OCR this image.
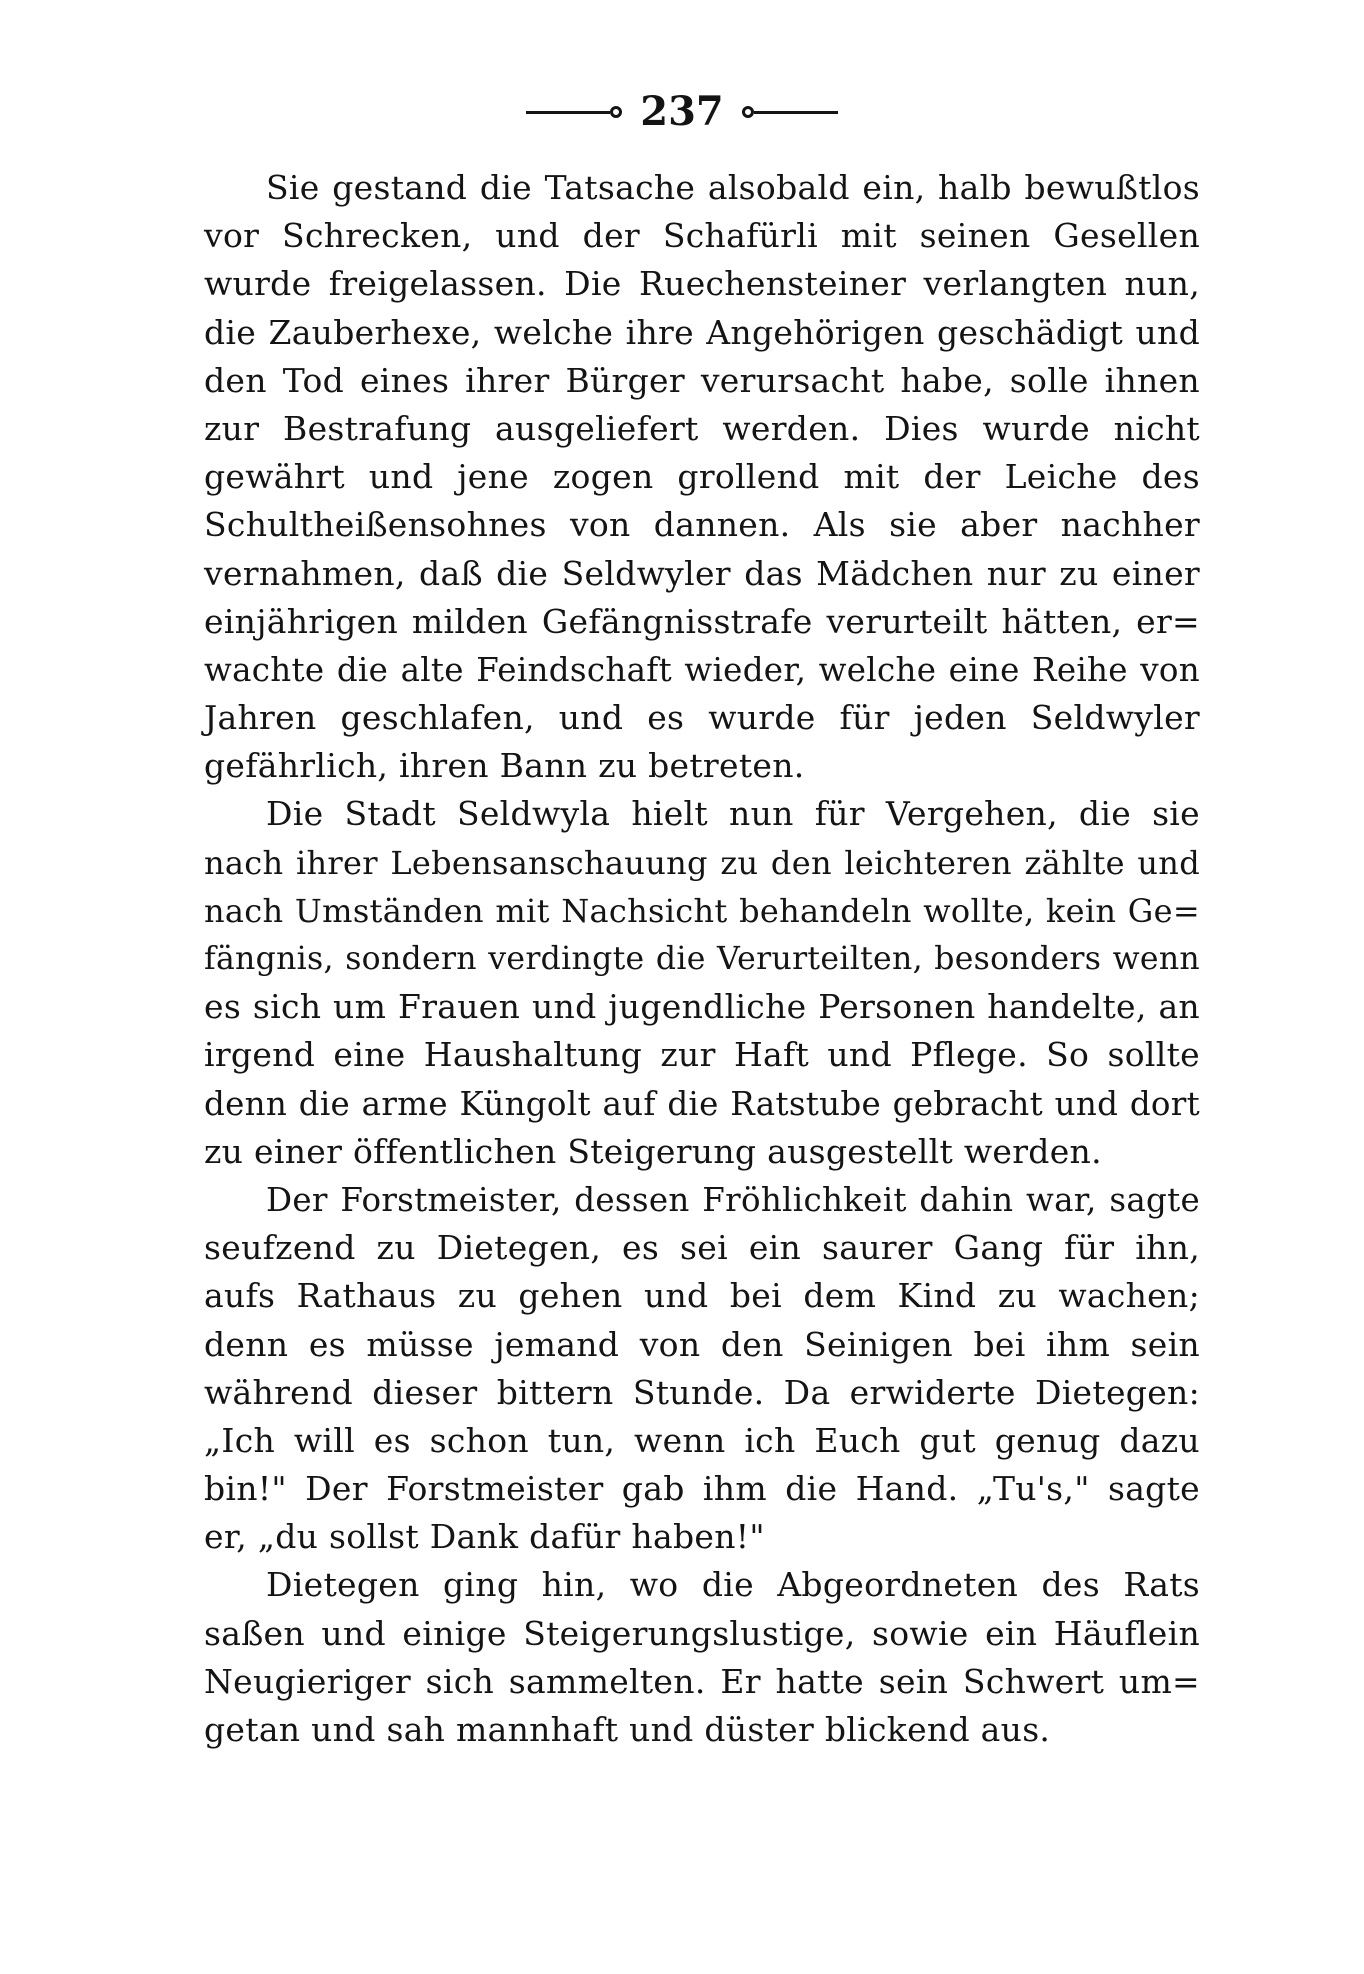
237
Sie gestand die Tatsache alsobald ein, halb bewußtlos
vor Schrecken, und der Schafürli mit seinen Gesellen
wurde freigelassen. Die Ruechensteiner verlangten nun,
die Zauberhexe, welche ihre Angehörigen geschädigt und
den Tod eines ihrer Bürger verursacht habe, solle ihnen
zur Bestrafung ausgeliefert werden. Dies wurde nicht
gewährt und jene zogen grollend mit der Leiche des
Schultheißensohnes von dannen. Als sie aber nachher
vernahmen, daß die Seldwyler das Mädchen nur zu einer
einjährigen milden Gefängnisstrafe verurteilt hätten, er=
wachte die alte Feindschaft wieder, welche eine Reihe von
Jahren geschlafen, und es wurde für jeden Seldwyler
gefährlich, ihren Bann zu betreten.
Die Stadt Seldwyla hielt nun für Vergehen, die sie
nach ihrer Lebensanschauung zu den leichteren zählte und
nach Umständen mit Nachsicht behandeln wollte, kein Ge=
fängnis, sondern verdingte die Verurteilten, besonders wenn
es sich um Frauen und jugendliche Personen handelte, an
irgend eine Haushaltung zur Haft und Pflege. So sollte
denn die arme Küngolt auf die Ratstube gebracht und dort
zu einer öffentlichen Steigerung ausgestellt werden.
Der Forstmeister, dessen Fröhlichkeit dahin war, sagte
seufzend zu Dietegen, es sei ein saurer Gang für ihn,
aufs Rathaus zu gehen und bei dem Kind zu wachen;
denn es müsse jemand von den Seinigen bei ihm sein
während dieser bittern Stunde. Da erwiderte Dietegen:
„Ich will es schon tun, wenn ich Euch gut genug dazu
bin!" Der Forstmeister gab ihm die Hand. „Tu's," sagte
er, „du sollst Dank dafür haben!"
Dietegen ging hin, wo die Abgeordneten des Rats
saßen und einige Steigerungslustige, sowie ein Häuflein
Neugieriger sich sammelten. Er hatte sein Schwert um=
getan und sah mannhaft und düster blickend aus.
